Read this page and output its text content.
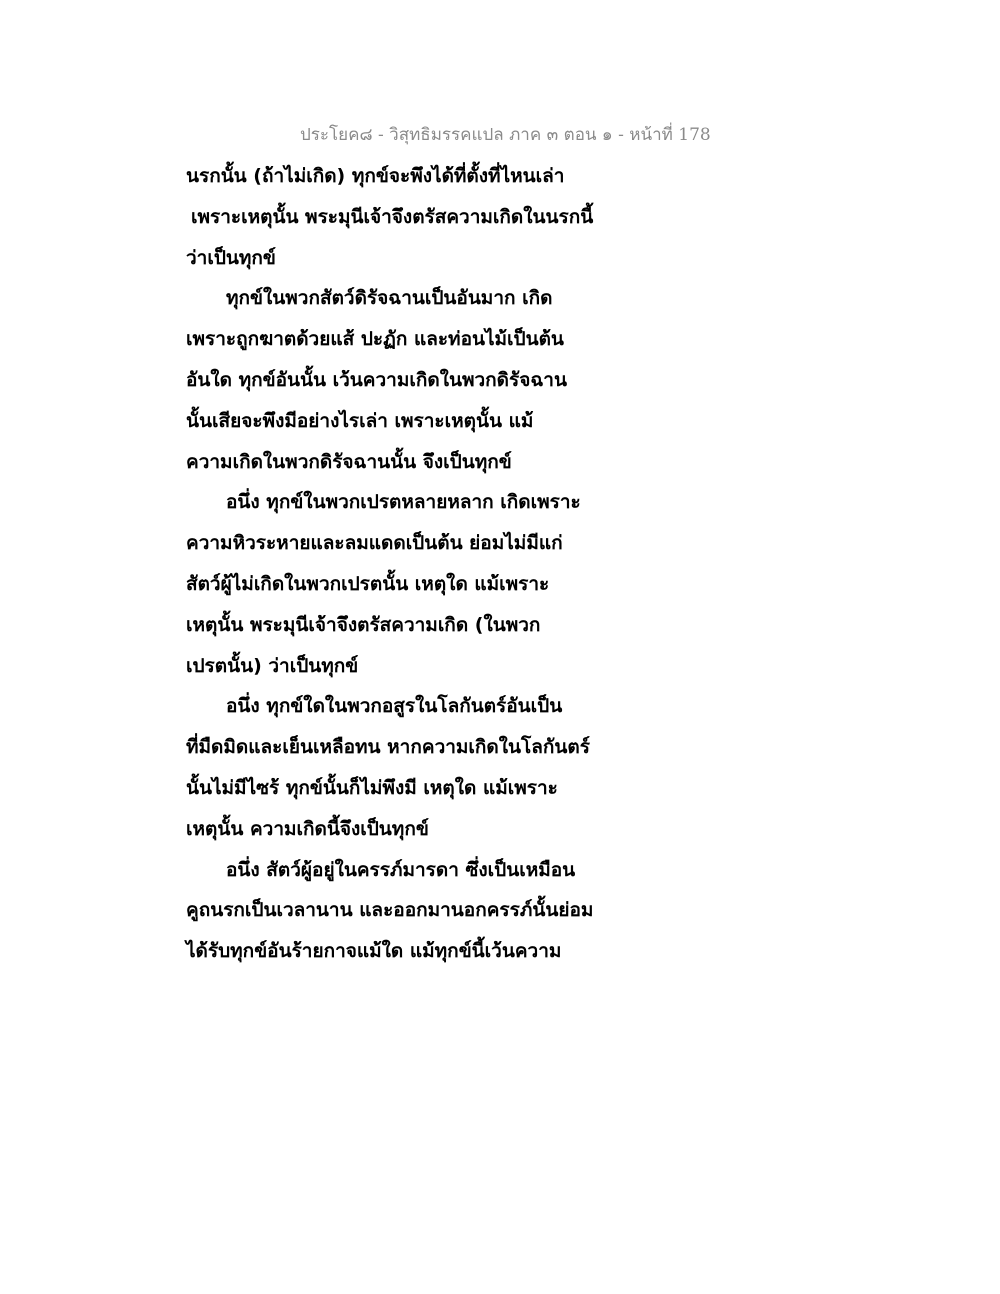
ประโยค๘ - วิสุทธิมรรคแปล ภาค ๓ ตอน ๑ - หน้าที่ 178
นรกนั้น (ถ้าไม่เกิด) ทุกข์จะพึงได้ที่ตั้งที่ไหนเล่า
เพราะเหตุนั้น พระมุนีเจ้าจึงตรัสความเกิดในนรกนี้
ว่าเป็นทุกข์
ทุกข์ในพวกสัตว์ดิรัจฉานเป็นอันมาก เกิด
เพราะถูกฆาตด้วยแส้ ปะฏัก และท่อนไม้เป็นต้น
อันใด ทุกข์อันนั้น เว้นความเกิดในพวกดิรัจฉาน
นั้นเสียจะพึงมีอย่างไรเล่า เพราะเหตุนั้น แม้
ความเกิดในพวกดิรัจฉานนั้น จึงเป็นทุกข์
อนึ่ง ทุกข์ในพวกเปรตหลายหลาก เกิดเพราะ
ความหิวระหายและลมแดดเป็นต้น ย่อมไม่มีแก่
สัตว์ผู้ไม่เกิดในพวกเปรตนั้น เหตุใด แม้เพราะ
เหตุนั้น พระมุนีเจ้าจึงตรัสความเกิด (ในพวก
เปรตนั้น) ว่าเป็นทุกข์
อนึ่ง ทุกข์ใดในพวกอสูรในโลกันตร์อันเป็น
ที่มืดมิดและเย็นเหลือทน หากความเกิดในโลกันตร์
นั้นไม่มีไซร้ ทุกข์นั้นก็ไม่พึงมี เหตุใด แม้เพราะ
เหตุนั้น ความเกิดนี้จึงเป็นทุกข์
อนึ่ง สัตว์ผู้อยู่ในครรภ์มารดา ซึ่งเป็นเหมือน
คูถนรกเป็นเวลานาน และออกมานอกครรภ์นั้นย่อม
ได้รับทุกข์อันร้ายกาจแม้ใด แม้ทุกข์นี้เว้นความ
